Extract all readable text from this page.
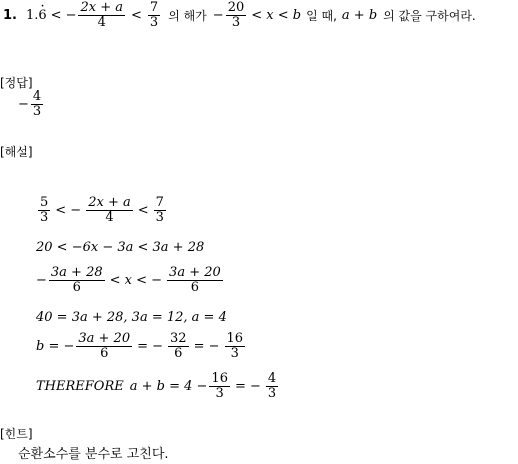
1. 1.· 6 < − $\frac{2x + a}{4} < \frac{7}{3}$ 의 해가 − $\frac{20}{3} < x < b$ 일 때, a + b 의 값을 구하여라.
[정답]
− $\frac{4}{3}$
[해설]
$\frac{5}{3}$ < − $\frac{2x + a}{4} < \frac{7}{3}$
20 < −6x − 3a < 3a + 28
− $\frac{3a + 28}{6} < x$ < − $\frac{3a + 20}{6}$
40 = 3a + 28, 3a = 12, a = 4
b = − $\frac{3a + 20}{6}$ = − $\frac{32}{6}$ = − $\frac{16}{3}$
THEREFORE $a + b = 4 - \frac{16}{3}$ = − $\frac{4}{3}$
[힌트]
순환소수를 분수로 고친다.
